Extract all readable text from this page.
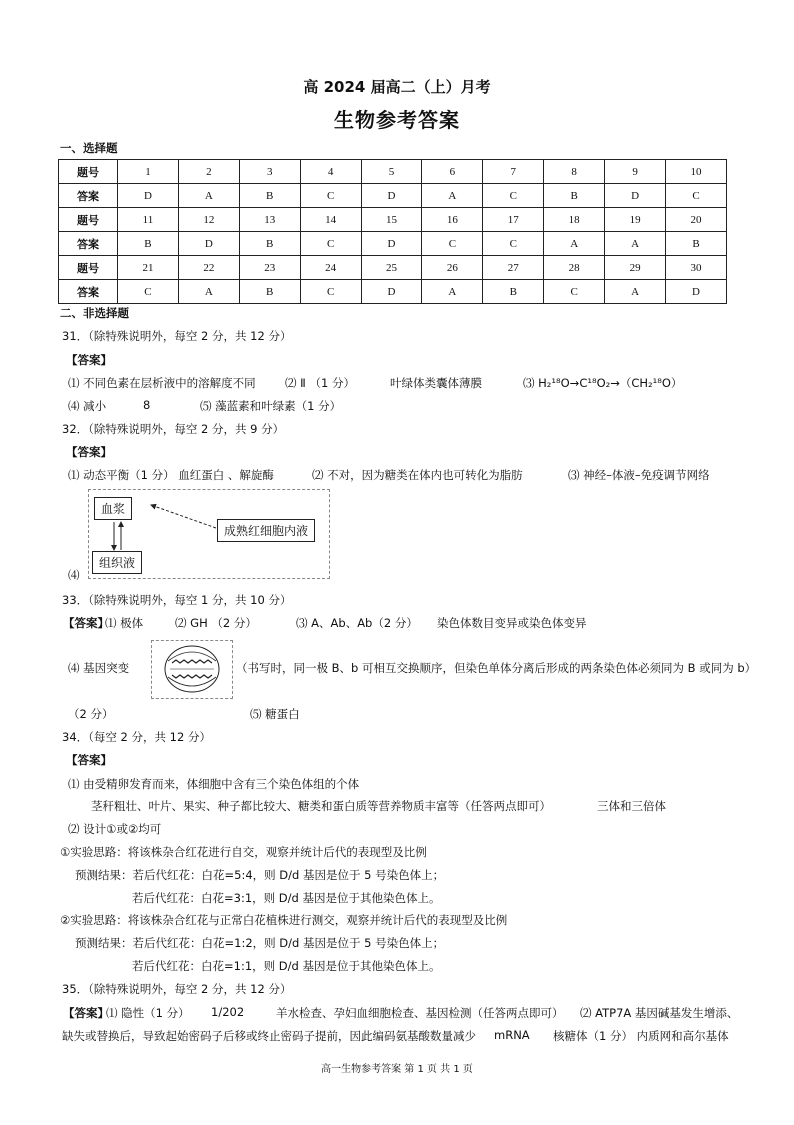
高 2024 届高二（上）月考
生物参考答案
一、选择题
题号	1	2	3	4	5	6	7	8	9	10
答案	D	A	B	C	D	A	C	B	D	C
题号	11	12	13	14	15	16	17	18	19	20
答案	B	D	B	C	D	C	C	A	A	B
题号	21	22	23	24	25	26	27	28	29	30
答案	C	A	B	C	D	A	B	C	A	D
二、非选择题
31．（除特殊说明外，每空 2 分，共 12 分）
【答案】
⑴ 不同色素在层析液中的溶解度不同	⑵ Ⅱ （1 分）	叶绿体类囊体薄膜	⑶ H₂¹⁸O→C¹⁸O₂→（CH₂¹⁸O）
⑷ 减小	8	⑸ 藻蓝素和叶绿素（1 分）
32．（除特殊说明外，每空 2 分，共 9 分）
【答案】
⑴ 动态平衡（1 分） 血红蛋白 、解旋酶	⑵ 不对，因为糖类在体内也可转化为脂肪	⑶ 神经–体液–免疫调节网络
⑷
血浆
成熟红细胞内液
组织液
33．（除特殊说明外，每空 1 分，共 10 分）
【答案】
⑴ 极体	⑵ GH （2 分）	⑶ A、Ab、Ab（2 分） 染色体数目变异或染色体变异
⑷ 基因突变	（书写时，同一极 B、b 可相互交换顺序，但染色单体分离后形成的两条染色体必须同为 B 或同为 b）
（2 分）	⑸ 糖蛋白
34．（每空 2 分，共 12 分）
【答案】
⑴ 由受精卵发育而来，体细胞中含有三个染色体组的个体
茎秆粗壮、叶片、果实、种子都比较大、糖类和蛋白质等营养物质丰富等（任答两点即可）	三体和三倍体
⑵ 设计①或②均可
①实验思路：将该株杂合红花进行自交，观察并统计后代的表现型及比例
预测结果：若后代红花：白花=5:4，则 D/d 基因是位于 5 号染色体上；
若后代红花：白花=3:1，则 D/d 基因是位于其他染色体上。
②实验思路：将该株杂合红花与正常白花植株进行测交，观察并统计后代的表现型及比例
预测结果：若后代红花：白花=1:2，则 D/d 基因是位于 5 号染色体上；
若后代红花：白花=1:1，则 D/d 基因是位于其他染色体上。
35．（除特殊说明外，每空 2 分，共 12 分）
【答案】
⑴ 隐性（1 分） 1/202	羊水检查、孕妇血细胞检查、基因检测（任答两点即可） ⑵ ATP7A 基因碱基发生增添、
缺失或替换后，导致起始密码子后移或终止密码子提前，因此编码氨基酸数量减少 mRNA 核糖体（1 分） 内质网和高尔基体
高一生物参考答案 第 1 页 共 1 页
